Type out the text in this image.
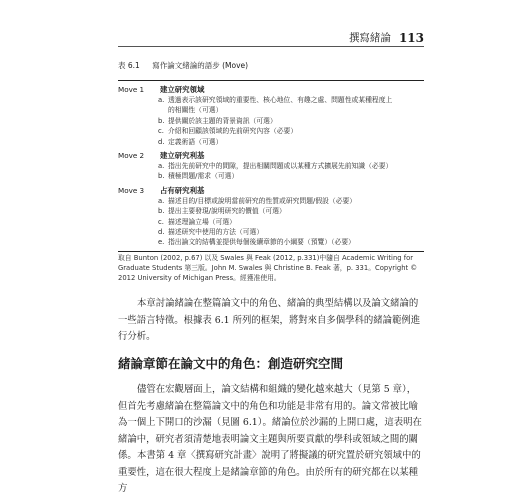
撰寫緒論 113
表 6.1 寫作論文緒論的語步 (Move)
Move 1	建立研究領域
a. 透過表示該研究領域的重要性、核心地位、有趣之處、問題性或某種程度上
的相關性（可選）
b. 提供關於該主題的背景資訊（可選）
c. 介紹和回顧該領域的先前研究內容（必要）
d. 定義術語（可選）
Move 2	建立研究利基
a. 指出先前研究中的間隙，提出相關問題或以某種方式擴展先前知識（必要）
b. 積極問題/需求（可選）
Move 3	占有研究利基
a. 描述目的/目標或說明當前研究的性質或研究問題/假設（必要）
b. 提出主要發現/說明研究的價值（可選）
c. 描述理論立場（可選）
d. 描述研究中使用的方法（可選）
e. 指出論文的結構並提供每個後續章節的小綱要（預覽）（必要）
取自 Bunton (2002, p.67) 以及 Swales 與 Feak (2012, p.331)中隨自 Academic Writing for Graduate Students 第三版。John M. Swales 與 Christine B. Feak 著，p. 331。Copyright © 2012 University of Michigan Press。經獲准使用。
本章討論緒論在整篇論文中的角色、緒論的典型結構以及論文緒論的一些語言特徵。根據表 6.1 所列的框架，將對來自多個學科的緒論範例進行分析。
緒論章節在論文中的角色：創造研究空間
儘管在宏觀層面上，論文結構和組織的變化越來越大（見第 5 章），但首先考慮緒論在整篇論文中的角色和功能是非常有用的。論文常被比喻為一個上下開口的沙漏（見圖 6.1）。緒論位於沙漏的上開口處，這表明在緒論中，研究者須清楚地表明論文主題與所要貢獻的學科或領域之間的關係。 本書第 4 章〈撰寫研究計畫〉說明了將擬議的研究置於研究領域中的重要性，這在很大程度上是緒論章節的角色。由於所有的研究都在以某種方
